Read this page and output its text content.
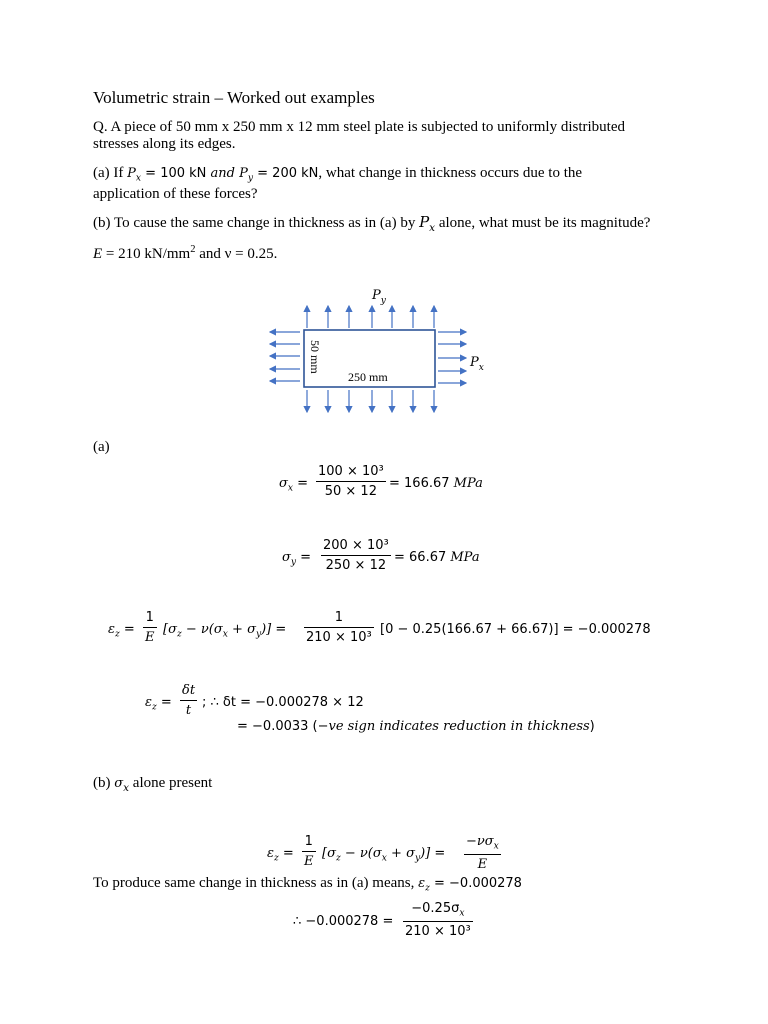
Volumetric strain – Worked out examples
Q. A piece of 50 mm x 250 mm x 12 mm steel plate is subjected to uniformly distributed
stresses along its edges.
(a) If $P_x = 100$ kN and $P_y = 200$ kN, what change in thickness occurs due to the
application of these forces?
(b) To cause the same change in thickness as in (a) by $P_x$ alone, what must be its magnitude?
E = 210 $kN/mm^2$ and ν = 0.25.
$P_y$
$P_x$
250 mm
50 mm
(a)
$\sigma_x = \frac{\text{100 × 10³}}{50 \times 12} = 166.67$ MPa
$\sigma_y = \frac{\text{200 × 10³}}{250 \times 12} = 66.67$ MPa
$\varepsilon_z = \frac{1}{E} [\sigma_z - \nu(\sigma_x + \sigma_y)] = \frac{1}{\text{210 × 10³}} [0 - 0.25(166.67 + 66.67)] = -0.000278$
$\varepsilon_z = \frac{\delta t}{t}$ ; ∴ δt = −0.000278 × 12
= −0.0033 (−ve sign indicates reduction in thickness)
(b) $\sigma_x$ alone present
$\varepsilon_z = \frac{1}{E} [\sigma_z - \nu(\sigma_x + \sigma_y)]$ =
$-\nu\sigma_x$
E
To produce same change in thickness as in (a) means, $\varepsilon_z = -0.000278$
∴ $-0.000278 = \frac{-0.25\sigma_x}{\text{210 × 10³}}$
